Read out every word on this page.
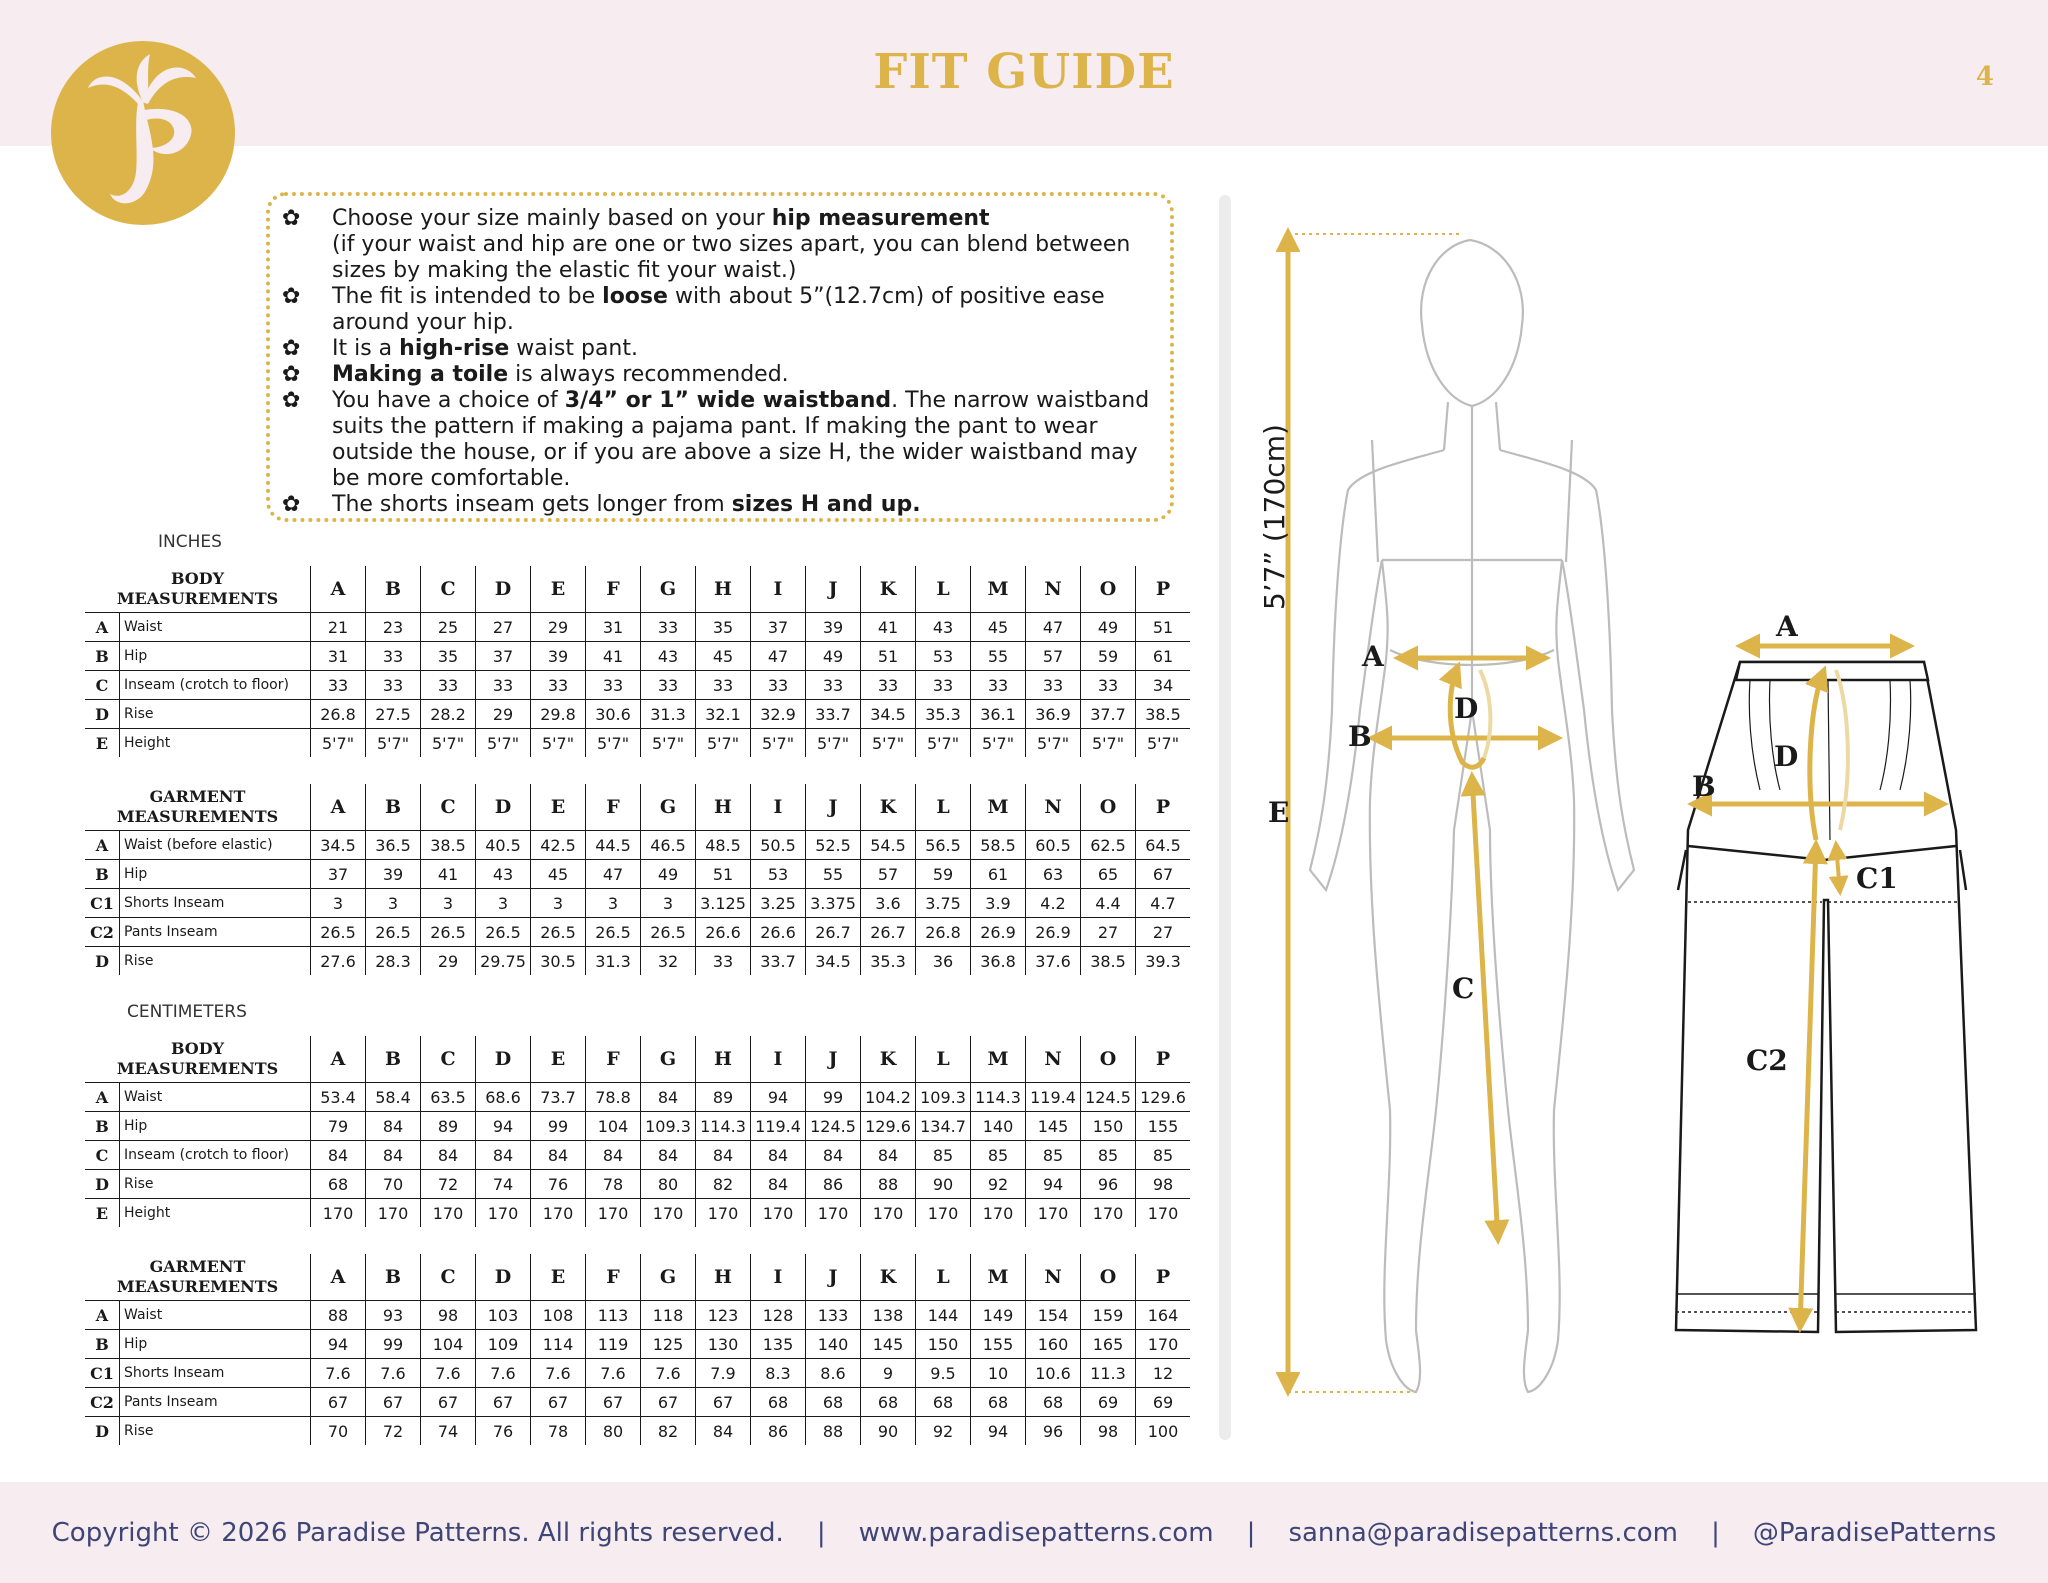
FIT GUIDE	4
✿ Choose your size mainly based on your hip measurement
(if your waist and hip are one or two sizes apart, you can blend between sizes by making the elastic fit your waist.)
✿ The fit is intended to be loose with about 5”(12.7cm) of positive ease around your hip.
✿ It is a high-rise waist pant.
✿ Making a toile is always recommended.
✿ You have a choice of 3/4” or 1” wide waistband. The narrow waistband suits the pattern if making a pajama pant. If making the pant to wear outside the house, or if you are above a size H, the wider waistband may be more comfortable.
✿ The shorts inseam gets longer from sizes H and up.
INCHES
CENTIMETERS
BODY
MEASUREMENTS		A	B	C	D	E	F	G	H	I	J	K	L	M	N	O	P
A	Waist	21	23	25	27	29	31	33	35	37	39	41	43	45	47	49	51
B	Hip	31	33	35	37	39	41	43	45	47	49	51	53	55	57	59	61
C	Inseam (crotch to floor)	33	33	33	33	33	33	33	33	33	33	33	33	33	33	33	34
D	Rise	26.8	27.5	28.2	29	29.8	30.6	31.3	32.1	32.9	33.7	34.5	35.3	36.1	36.9	37.7	38.5
E	Height	5'7"	5'7"	5'7"	5'7"	5'7"	5'7"	5'7"	5'7"	5'7"	5'7"	5'7"	5'7"	5'7"	5'7"	5'7"	5'7"
GARMENT
MEASUREMENTS		A	B	C	D	E	F	G	H	I	J	K	L	M	N	O	P
A	Waist (before elastic)	34.5	36.5	38.5	40.5	42.5	44.5	46.5	48.5	50.5	52.5	54.5	56.5	58.5	60.5	62.5	64.5
B	Hip	37	39	41	43	45	47	49	51	53	55	57	59	61	63	65	67
C1	Shorts Inseam	3	3	3	3	3	3	3	3.125	3.25	3.375	3.6	3.75	3.9	4.2	4.4	4.7
C2	Pants Inseam	26.5	26.5	26.5	26.5	26.5	26.5	26.5	26.6	26.6	26.7	26.7	26.8	26.9	26.9	27	27
D	Rise	27.6	28.3	29	29.75	30.5	31.3	32	33	33.7	34.5	35.3	36	36.8	37.6	38.5	39.3
BODY
MEASUREMENTS		A	B	C	D	E	F	G	H	I	J	K	L	M	N	O	P
A	Waist	53.4	58.4	63.5	68.6	73.7	78.8	84	89	94	99	104.2	109.3	114.3	119.4	124.5	129.6
B	Hip	79	84	89	94	99	104	109.3	114.3	119.4	124.5	129.6	134.7	140	145	150	155
C	Inseam (crotch to floor)	84	84	84	84	84	84	84	84	84	84	84	85	85	85	85	85
D	Rise	68	70	72	74	76	78	80	82	84	86	88	90	92	94	96	98
E	Height	170	170	170	170	170	170	170	170	170	170	170	170	170	170	170	170
GARMENT
MEASUREMENTS		A	B	C	D	E	F	G	H	I	J	K	L	M	N	O	P
A	Waist	88	93	98	103	108	113	118	123	128	133	138	144	149	154	159	164
B	Hip	94	99	104	109	114	119	125	130	135	140	145	150	155	160	165	170
C1	Shorts Inseam	7.6	7.6	7.6	7.6	7.6	7.6	7.6	7.9	8.3	8.6	9	9.5	10	10.6	11.3	12
C2	Pants Inseam	67	67	67	67	67	67	67	67	68	68	68	68	68	68	69	69
D	Rise	70	72	74	76	78	80	82	84	86	88	90	92	94	96	98	100
E
5’7” (170cm)
A
B
D
C
A
B
D
C1
C2
Copyright © 2026 Paradise Patterns. All rights reserved. | www.paradisepatterns.com | sanna@paradisepatterns.com | @ParadisePatterns
